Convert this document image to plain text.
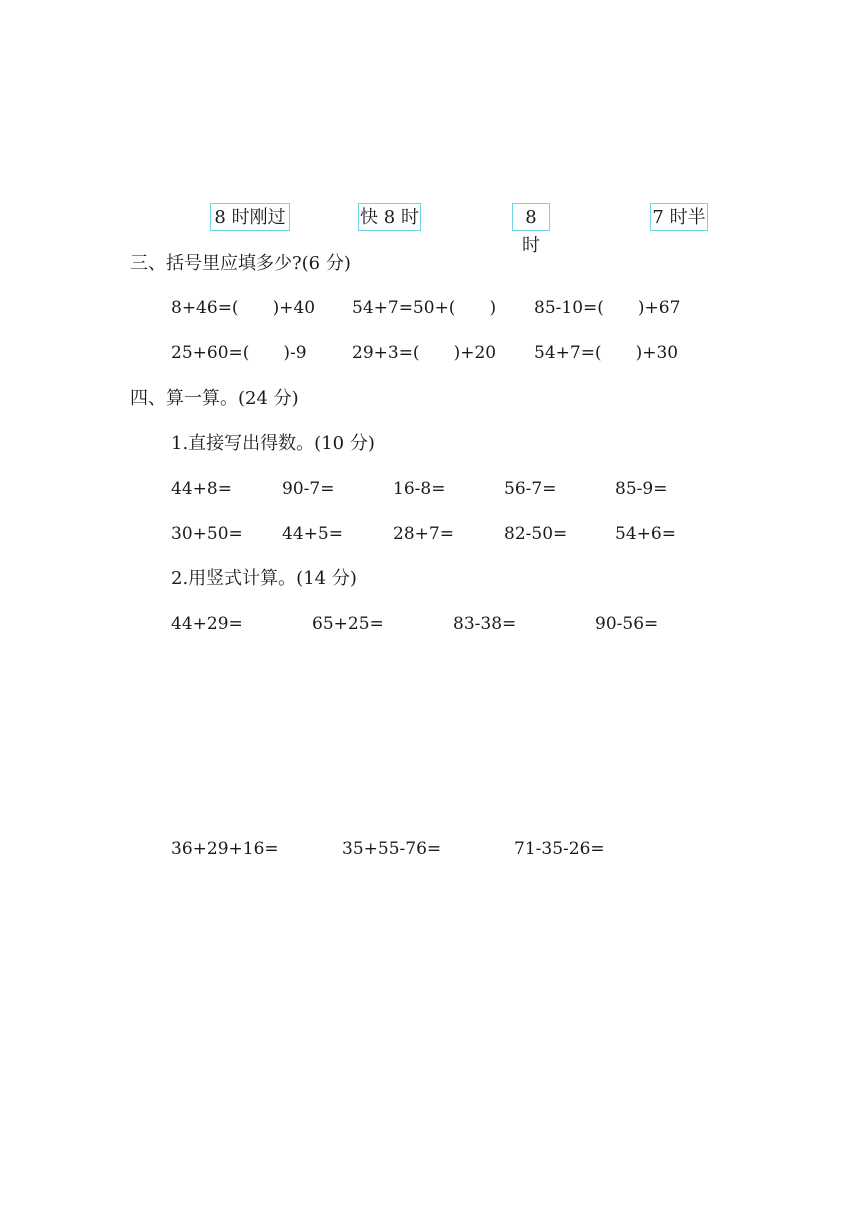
8 时刚过	快 8 时	8 时
7 时半
三、括号里应填多少?(6 分)
8+46=(　　)+40 54+7=50+(　　) 85-10=(　　)+67
25+60=(　　)-9	29+3=(　　)+20 54+7=(　　)+30
四、算一算。(24 分)
1.直接写出得数。(10 分)
44+8=	90-7=	16-8=	56-7=	85-9=
30+50= 44+5=	28+7=	82-50=	54+6=
2.用竖式计算。(14 分)
44+29=	65+25=	83-38=	90-56=
36+29+16=	35+55-76=	71-35-26=
